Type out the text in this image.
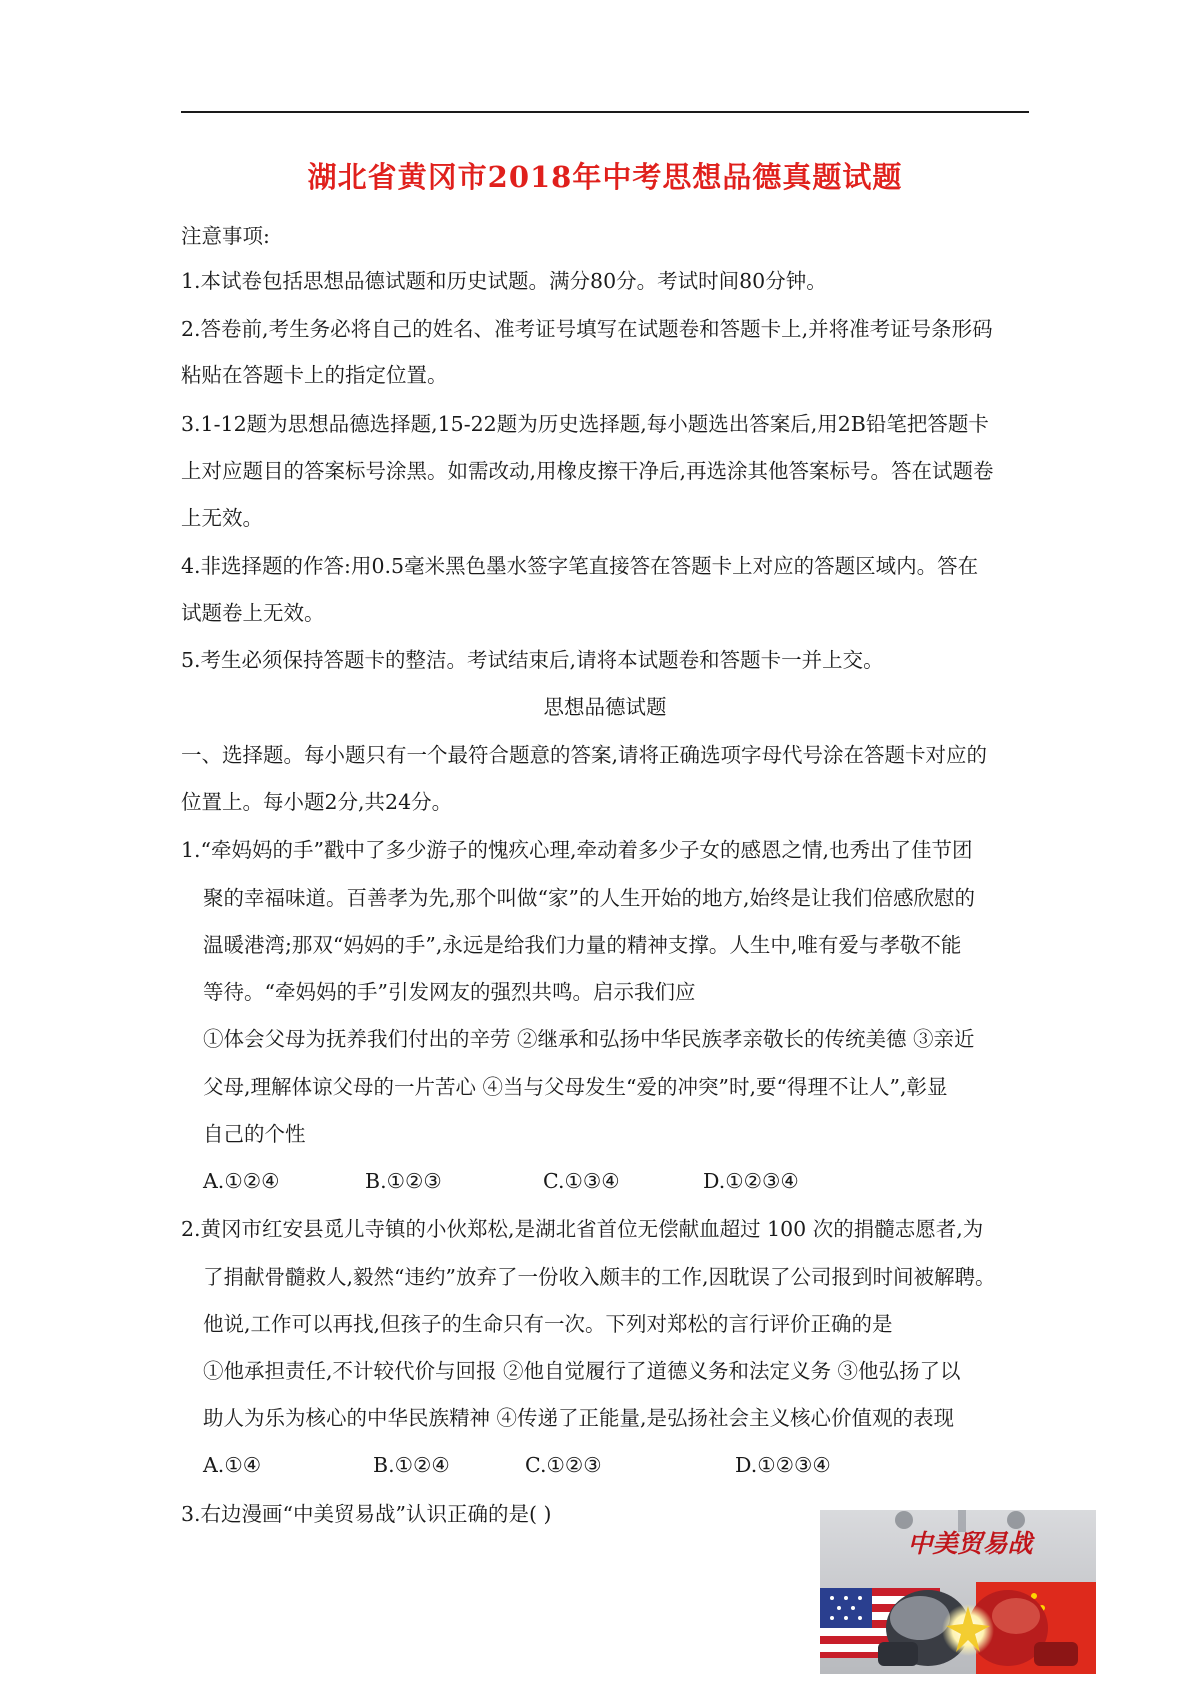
湖北省黄冈市2018年中考思想品德真题试题
注意事项:
1.本试卷包括思想品德试题和历史试题。满分80分。考试时间80分钟。
2.答卷前,考生务必将自己的姓名、准考证号填写在试题卷和答题卡上,并将准考证号条形码
粘贴在答题卡上的指定位置。
3.1-12题为思想品德选择题,15-22题为历史选择题,每小题选出答案后,用2B铅笔把答题卡
上对应题目的答案标号涂黑。如需改动,用橡皮擦干净后,再选涂其他答案标号。答在试题卷
上无效。
4.非选择题的作答:用0.5毫米黑色墨水签字笔直接答在答题卡上对应的答题区域内。答在
试题卷上无效。
5.考生必须保持答题卡的整洁。考试结束后,请将本试题卷和答题卡一并上交。
思想品德试题
一、选择题。每小题只有一个最符合题意的答案,请将正确选项字母代号涂在答题卡对应的
位置上。每小题2分,共24分。
1.“牵妈妈的手”戳中了多少游子的愧疚心理,牵动着多少子女的感恩之情,也秀出了佳节团
聚的幸福味道。百善孝为先,那个叫做“家”的人生开始的地方,始终是让我们倍感欣慰的
温暖港湾;那双“妈妈的手”,永远是给我们力量的精神支撑。人生中,唯有爱与孝敬不能
等待。“牵妈妈的手”引发网友的强烈共鸣。启示我们应
①体会父母为抚养我们付出的辛劳 ②继承和弘扬中华民族孝亲敬长的传统美德 ③亲近
父母,理解体谅父母的一片苦心 ④当与父母发生“爱的冲突”时,要“得理不让人”,彰显
自己的个性
A.①②④	B.①②③	C.①③④	D.①②③④
2.黄冈市红安县觅儿寺镇的小伙郑松,是湖北省首位无偿献血超过 100 次的捐髓志愿者,为
了捐献骨髓救人,毅然“违约”放弃了一份收入颇丰的工作,因耽误了公司报到时间被解聘。
他说,工作可以再找,但孩子的生命只有一次。下列对郑松的言行评价正确的是
①他承担责任,不计较代价与回报 ②他自觉履行了道德义务和法定义务 ③他弘扬了以
助人为乐为核心的中华民族精神 ④传递了正能量,是弘扬社会主义核心价值观的表现
A.①④	B.①②④	C.①②③	D.①②③④
3.右边漫画“中美贸易战”认识正确的是( )
中美贸易战
